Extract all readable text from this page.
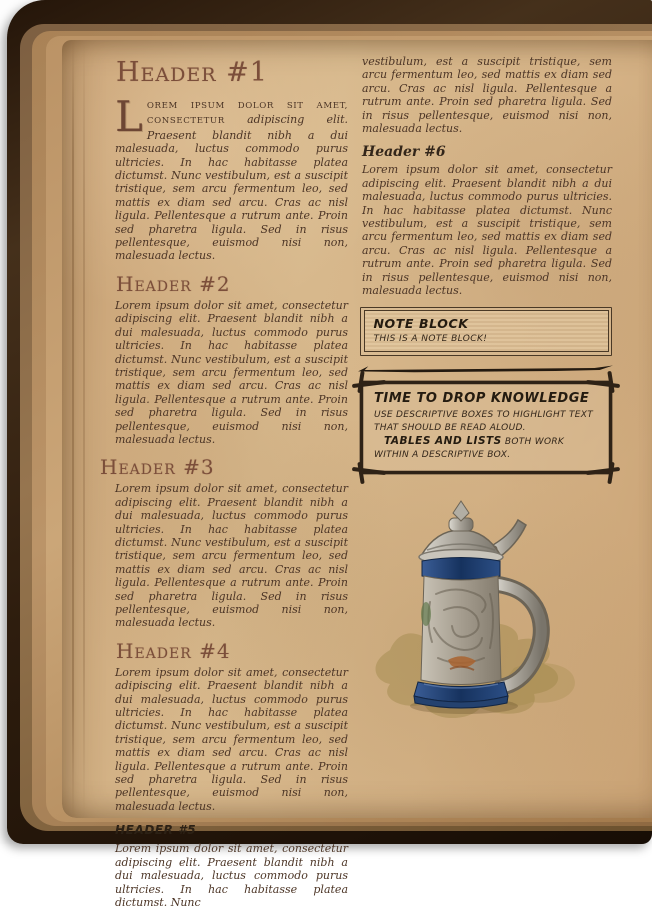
Header #1

LOREM IPSUM DOLOR SIT AMET, CONSECTETUR adipiscing elit. Praesent blandit nibh a dui malesuada, luctus commodo purus ultricies. In hac habitasse platea dictumst. Nunc vestibulum, est a suscipit tristique, sem arcu fermentum leo, sed mattis ex diam sed arcu. Cras ac nisl ligula. Pellentesque a rutrum ante. Proin sed pharetra ligula. Sed in risus pellentesque, euismod nisi non, malesuada lectus.

Header #2

Lorem ipsum dolor sit amet, consectetur adipiscing elit. Praesent blandit nibh a dui malesuada, luctus commodo purus ultricies. In hac habitasse platea dictumst. Nunc vestibulum, est a suscipit tristique, sem arcu fermentum leo, sed mattis ex diam sed arcu. Cras ac nisl ligula. Pellentesque a rutrum ante. Proin sed pharetra ligula. Sed in risus pellentesque, euismod nisi non, malesuada lectus.

Header #3

Lorem ipsum dolor sit amet, consectetur adipiscing elit. Praesent blandit nibh a dui malesuada, luctus commodo purus ultricies. In hac habitasse platea dictumst. Nunc vestibulum, est a suscipit tristique, sem arcu fermentum leo, sed mattis ex diam sed arcu. Cras ac nisl ligula. Pellentesque a rutrum ante. Proin sed pharetra ligula. Sed in risus pellentesque, euismod nisi non, malesuada lectus.

Header #4

Lorem ipsum dolor sit amet, consectetur adipiscing elit. Praesent blandit nibh a dui malesuada, luctus commodo purus ultricies. In hac habitasse platea dictumst. Nunc vestibulum, est a suscipit tristique, sem arcu fermentum leo, sed mattis ex diam sed arcu. Cras ac nisl ligula. Pellentesque a rutrum ante. Proin sed pharetra ligula. Sed in risus pellentesque, euismod nisi non, malesuada lectus.

HEADER #5

Lorem ipsum dolor sit amet, consectetur adipiscing elit. Praesent blandit nibh a dui malesuada, luctus commodo purus ultricies. In hac habitasse platea dictumst. Nunc

vestibulum, est a suscipit tristique, sem arcu fermentum leo, sed mattis ex diam sed arcu. Cras ac nisl ligula. Pellentesque a rutrum ante. Proin sed pharetra ligula. Sed in risus pellentesque, euismod nisi non, malesuada lectus.

Header #6

Lorem ipsum dolor sit amet, consectetur adipiscing elit. Praesent blandit nibh a dui malesuada, luctus commodo purus ultricies. In hac habitasse platea dictumst. Nunc vestibulum, est a suscipit tristique, sem arcu fermentum leo, sed mattis ex diam sed arcu. Cras ac nisl ligula. Pellentesque a rutrum ante. Proin sed pharetra ligula. Sed in risus pellentesque, euismod nisi non, malesuada lectus.

NOTE BLOCK
THIS IS A NOTE BLOCK!
TIME TO DROP KNOWLEDGE

USE DESCRIPTIVE BOXES TO HIGHLIGHT TEXT THAT SHOULD BE READ ALOUD.

TABLES AND LISTS BOTH WORK WITHIN A DESCRIPTIVE BOX.
